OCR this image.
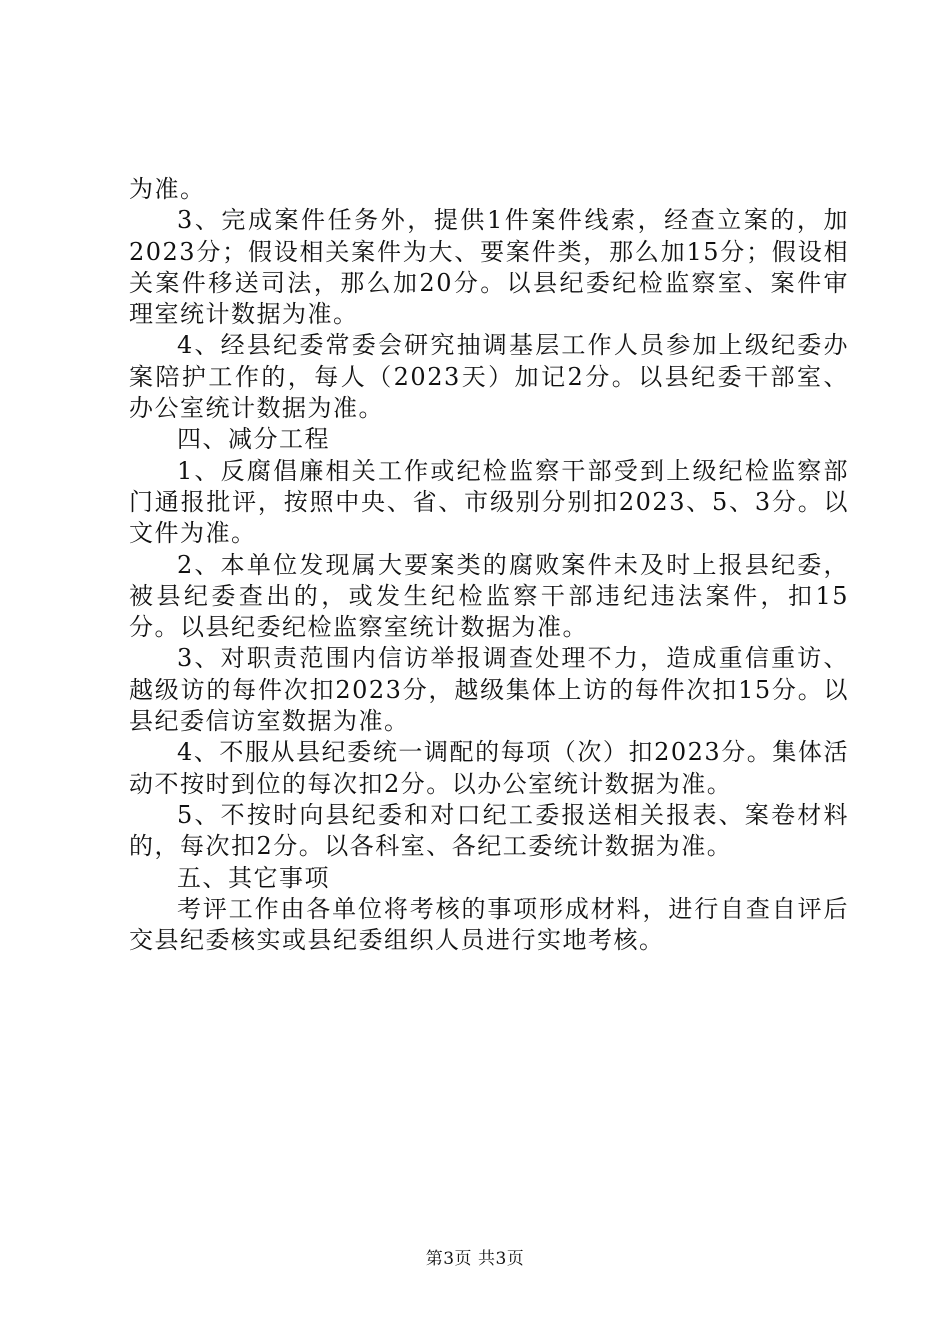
为准。

3、完成案件任务外，提供1件案件线索，经查立案的，加2023分；假设相关案件为大、要案件类，那么加15分；假设相关案件移送司法，那么加20分。以县纪委纪检监察室、案件审理室统计数据为准。

4、经县纪委常委会研究抽调基层工作人员参加上级纪委办案陪护工作的，每人（2023天）加记2分。以县纪委干部室、办公室统计数据为准。

四、减分工程

1、反腐倡廉相关工作或纪检监察干部受到上级纪检监察部门通报批评，按照中央、省、市级别分别扣2023、5、3分。以文件为准。

2、本单位发现属大要案类的腐败案件未及时上报县纪委，被县纪委查出的，或发生纪检监察干部违纪违法案件，扣15分。以县纪委纪检监察室统计数据为准。

3、对职责范围内信访举报调查处理不力，造成重信重访、越级访的每件次扣2023分，越级集体上访的每件次扣15分。以县纪委信访室数据为准。

4、不服从县纪委统一调配的每项（次）扣2023分。集体活动不按时到位的每次扣2分。以办公室统计数据为准。

5、不按时向县纪委和对口纪工委报送相关报表、案卷材料的，每次扣2分。以各科室、各纪工委统计数据为准。

五、其它事项

考评工作由各单位将考核的事项形成材料，进行自查自评后交县纪委核实或县纪委组织人员进行实地考核。

第3页 共3页
